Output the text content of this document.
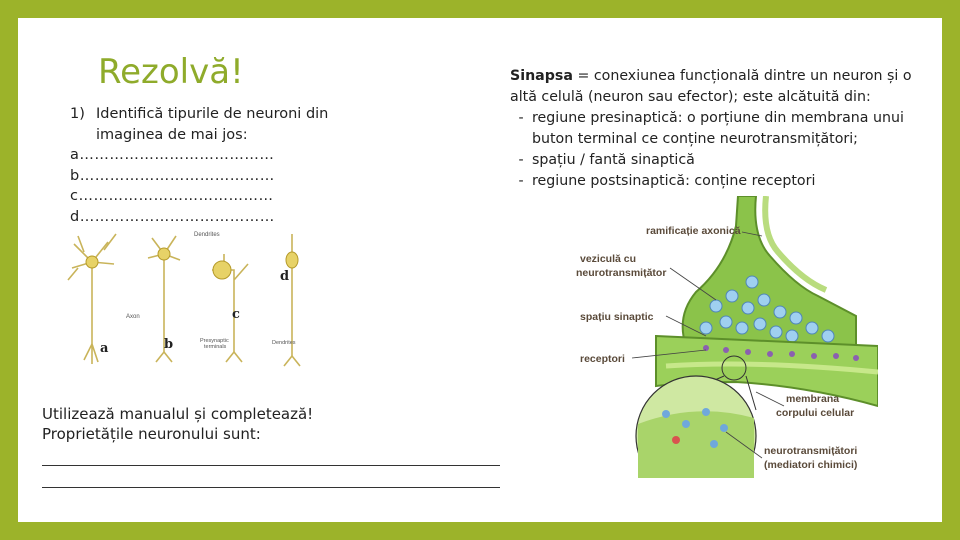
Rezolvă!
1) Identifică tipurile de neuroni din imaginea de mai jos:
a…………………………………
b…………………………………
c…………………………………
d…………………………………
Dendrites
Axon
Presynaptic
terminals
Dendrites
a	b
c
d
Utilizează manualul și completează!
Proprietățile neuronului sunt:
Sinapsa = conexiunea funcțională dintre un neuron și o altă celulă (neuron sau efector); este alcătuită din:
- regiune presinaptică: o porțiune din membrana unui buton terminal ce conține neurotransmițători;
- spațiu / fantă sinaptică
- regiune postsinaptică: conține receptori
ramificație axonică
veziculă cu
neurotransmițător
spațiu sinaptic
receptori
membrana
corpului celular
neurotransmițători
(mediatori chimici)
